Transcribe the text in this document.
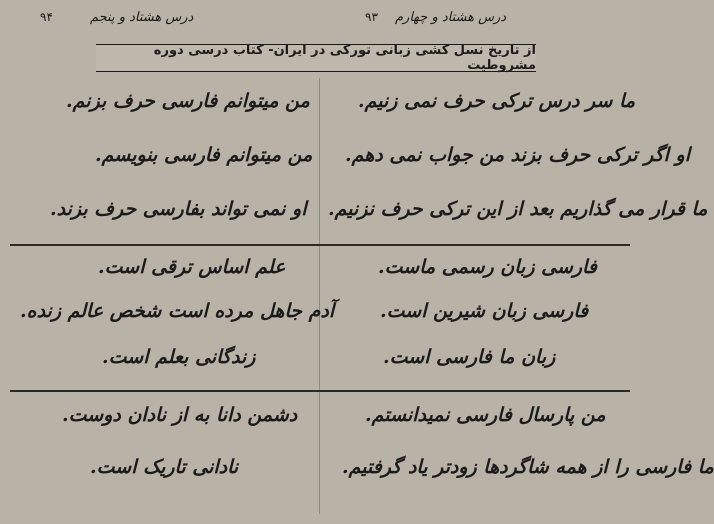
درس هشتاد و پنجم
۹۴	درس هشتاد و چهارم
۹۳
از تاریخ نسل کشی زبانی تورکی در ایران- کتاب درسی دوره مشروطیت
ما سر درس ترکی حرف نمی زنیم.
او اگر ترکی حرف بزند من جواب نمی دهم.
ما قرار می گذاریم بعد از این ترکی حرف نزنیم.
من میتوانم فارسی حرف بزنم.
من میتوانم فارسی بنویسم.
او نمی تواند بفارسی حرف بزند.
فارسی زبان رسمی ماست.
فارسی زبان شیرین است.
زبان ما فارسی است.
علم اساس ترقی است.
آدم جاهل مرده است شخص عالم زنده.
زندگانی بعلم است.
من پارسال فارسی نمیدانستم.
ما فارسی را از همه شاگردها زودتر یاد گرفتیم.
دشمن دانا به از نادان دوست.
نادانی تاریک است.
